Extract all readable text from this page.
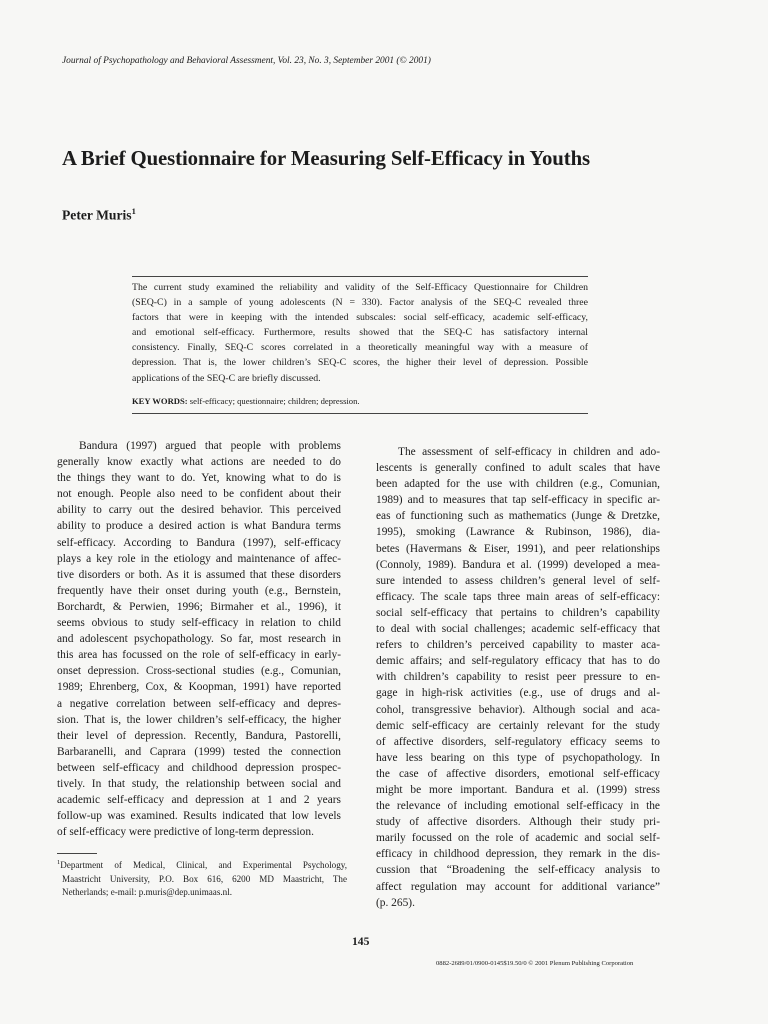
Journal of Psychopathology and Behavioral Assessment, Vol. 23, No. 3, September 2001 (© 2001)
A Brief Questionnaire for Measuring Self-Efficacy in Youths
Peter Muris$^1$
The current study examined the reliability and validity of the Self-Efficacy Questionnaire for Children
(SEQ-C) in a sample of young adolescents (N = 330). Factor analysis of the SEQ-C revealed three
factors that were in keeping with the intended subscales: social self-efficacy, academic self-efficacy,
and emotional self-efficacy. Furthermore, results showed that the SEQ-C has satisfactory internal
consistency. Finally, SEQ-C scores correlated in a theoretically meaningful way with a measure of
depression. That is, the lower children’s SEQ-C scores, the higher their level of depression. Possible
applications of the SEQ-C are briefly discussed.
KEY WORDS: self-efficacy; questionnaire; children; depression.
Bandura (1997) argued that people with problems
generally know exactly what actions are needed to do
the things they want to do. Yet, knowing what to do is
not enough. People also need to be confident about their
ability to carry out the desired behavior. This perceived
ability to produce a desired action is what Bandura terms
self-efficacy. According to Bandura (1997), self-efficacy
plays a key role in the etiology and maintenance of affec-
tive disorders or both. As it is assumed that these disorders
frequently have their onset during youth (e.g., Bernstein,
Borchardt, & Perwien, 1996; Birmaher et al., 1996), it
seems obvious to study self-efficacy in relation to child
and adolescent psychopathology. So far, most research in
this area has focussed on the role of self-efficacy in early-
onset depression. Cross-sectional studies (e.g., Comunian,
1989; Ehrenberg, Cox, & Koopman, 1991) have reported
a negative correlation between self-efficacy and depres-
sion. That is, the lower children’s self-efficacy, the higher
their level of depression. Recently, Bandura, Pastorelli,
Barbaranelli, and Caprara (1999) tested the connection
between self-efficacy and childhood depression prospec-
tively. In that study, the relationship between social and
academic self-efficacy and depression at 1 and 2 years
follow-up was examined. Results indicated that low levels
of self-efficacy were predictive of long-term depression.
The assessment of self-efficacy in children and ado-
lescents is generally confined to adult scales that have
been adapted for the use with children (e.g., Comunian,
1989) and to measures that tap self-efficacy in specific ar-
eas of functioning such as mathematics (Junge & Dretzke,
1995), smoking (Lawrance & Rubinson, 1986), dia-
betes (Havermans & Eiser, 1991), and peer relationships
(Connoly, 1989). Bandura et al. (1999) developed a mea-
sure intended to assess children’s general level of self-
efficacy. The scale taps three main areas of self-efficacy:
social self-efficacy that pertains to children’s capability
to deal with social challenges; academic self-efficacy that
refers to children’s perceived capability to master aca-
demic affairs; and self-regulatory efficacy that has to do
with children’s capability to resist peer pressure to en-
gage in high-risk activities (e.g., use of drugs and al-
cohol, transgressive behavior). Although social and aca-
demic self-efficacy are certainly relevant for the study
of affective disorders, self-regulatory efficacy seems to
have less bearing on this type of psychopathology. In
the case of affective disorders, emotional self-efficacy
might be more important. Bandura et al. (1999) stress
the relevance of including emotional self-efficacy in the
study of affective disorders. Although their study pri-
marily focussed on the role of academic and social self-
efficacy in childhood depression, they remark in the dis-
cussion that “Broadening the self-efficacy analysis to
affect regulation may account for additional variance”
(p. 265).
$^1$Department of Medical, Clinical, and Experimental Psychology,
Maastricht University, P.O. Box 616, 6200 MD Maastricht, The
Netherlands; e-mail: p.muris@dep.unimaas.nl.
145
0882-2689/01/0900-0145$19.50/0 © 2001 Plenum Publishing Corporation
